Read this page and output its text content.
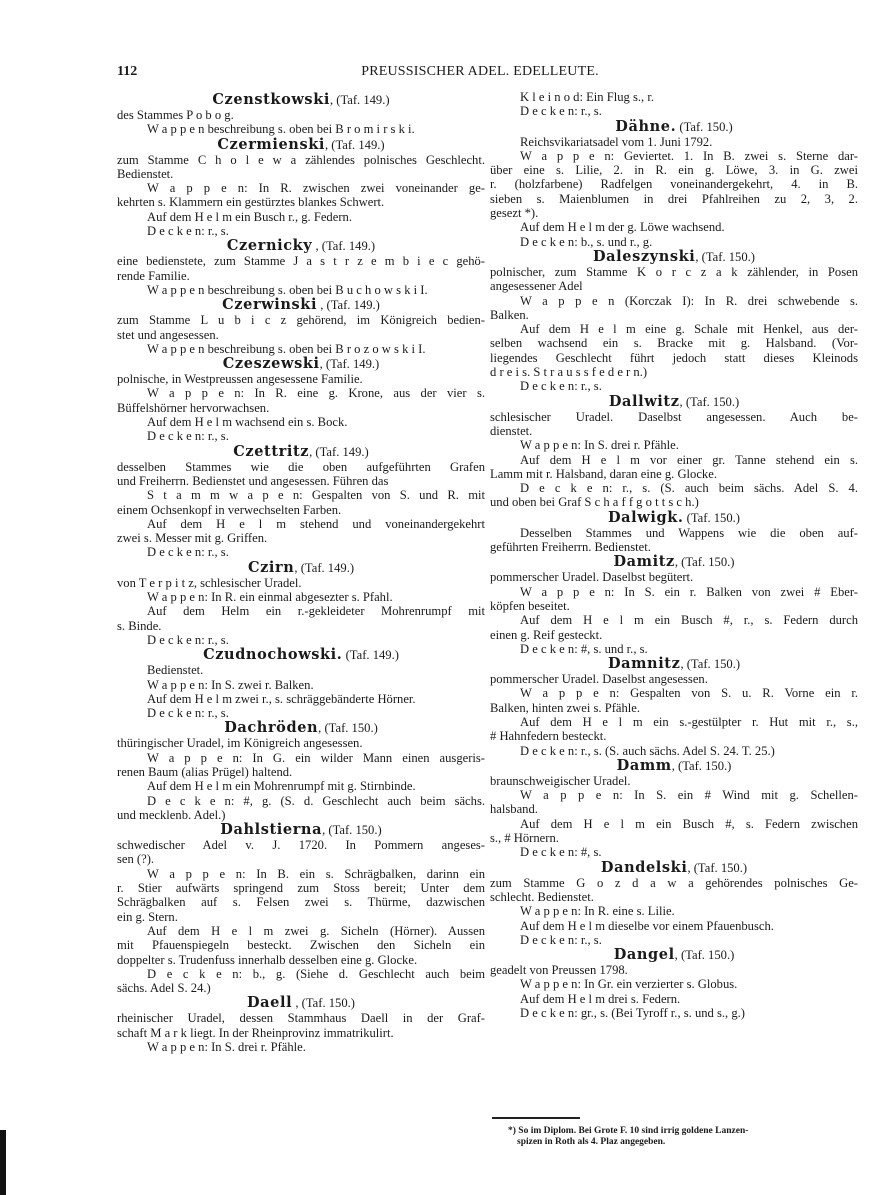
112	PREUSSISCHER ADEL. EDELLEUTE.
Czenstkowski, (Taf. 149.)
des Stammes P o b o g.
W a p p e n beschreibung s. oben bei B r o m i r s k i.
Czermienski, (Taf. 149.)
zum Stamme C h o l e w a zählendes polnisches Geschlecht.
Bedienstet.
W a p p e n: In R. zwischen zwei voneinander ge-
kehrten s. Klammern ein gestürztes blankes Schwert.
Auf dem H e l m ein Busch r., g. Federn.
D e c k e n: r., s.
Czernicky , (Taf. 149.)
eine bedienstete, zum Stamme J a s t r z e m b i e c gehö-
rende Familie.
W a p p e n beschreibung s. oben bei B u c h o w s k i I.
Czerwinski , (Taf. 149.)
zum Stamme L u b i c z gehörend, im Königreich bedien-
stet und angesessen.
W a p p e n beschreibung s. oben bei B r o z o w s k i I.
Czeszewski, (Taf. 149.)
polnische, in Westpreussen angesessene Familie.
W a p p e n: In R. eine g. Krone, aus der vier s.
Büffelshörner hervorwachsen.
Auf dem H e l m wachsend ein s. Bock.
D e c k e n: r., s.
Czettritz, (Taf. 149.)
desselben Stammes wie die oben aufgeführten Grafen
und Freiherrn. Bedienstet und angesessen. Führen das
S t a m m w a p e n: Gespalten von S. und R. mit
einem Ochsenkopf in verwechselten Farben.
Auf dem H e l m stehend und voneinandergekehrt
zwei s. Messer mit g. Griffen.
D e c k e n: r., s.
Czirn, (Taf. 149.)
von T e r p i t z, schlesischer Uradel.
W a p p e n: In R. ein einmal abgesezter s. Pfahl.
Auf dem Helm ein r.-gekleideter Mohrenrumpf mit
s. Binde.
D e c k e n: r., s.
Czudnochowski. (Taf. 149.)
Bedienstet.
W a p p e n: In S. zwei r. Balken.
Auf dem H e l m zwei r., s. schräggebänderte Hörner.
D e c k e n: r., s.
Dachröden, (Taf. 150.)
thüringischer Uradel, im Königreich angesessen.
W a p p e n: In G. ein wilder Mann einen ausgeris-
renen Baum (alias Prügel) haltend.
Auf dem H e l m ein Mohrenrumpf mit g. Stirnbinde.
D e c k e n: #, g. (S. d. Geschlecht auch beim sächs.
und mecklenb. Adel.)
Dahlstierna, (Taf. 150.)
schwedischer Adel v. J. 1720. In Pommern angeses-
sen (?).
W a p p e n: In B. ein s. Schrägbalken, darinn ein
r. Stier aufwärts springend zum Stoss bereit; Unter dem
Schrägbalken auf s. Felsen zwei s. Thürme, dazwischen
ein g. Stern.
Auf dem H e l m zwei g. Sicheln (Hörner). Aussen
mit Pfauenspiegeln besteckt. Zwischen den Sicheln ein
doppelter s. Trudenfuss innerhalb desselben eine g. Glocke.
D e c k e n: b., g. (Siehe d. Geschlecht auch beim
sächs. Adel S. 24.)
Daell , (Taf. 150.)
rheinischer Uradel, dessen Stammhaus Daell in der Graf-
schaft M a r k liegt. In der Rheinprovinz immatrikulirt.
W a p p e n: In S. drei r. Pfähle.
K l e i n o d: Ein Flug s., r.
D e c k e n: r., s.
Dähne. (Taf. 150.)
Reichsvikariatsadel vom 1. Juni 1792.
W a p p e n: Geviertet. 1. In B. zwei s. Sterne dar-
über eine s. Lilie, 2. in R. ein g. Löwe, 3. in G. zwei
r. (holzfarbene) Radfelgen voneinandergekehrt, 4. in B.
sieben s. Maienblumen in drei Pfahlreihen zu 2, 3, 2.
gesezt *).
Auf dem H e l m der g. Löwe wachsend.
D e c k e n: b., s. und r., g.
Daleszynski, (Taf. 150.)
polnischer, zum Stamme K o r c z a k zählender, in Posen
angesessener Adel
W a p p e n (Korczak I): In R. drei schwebende s.
Balken.
Auf dem H e l m eine g. Schale mit Henkel, aus der-
selben wachsend ein s. Bracke mit g. Halsband. (Vor-
liegendes Geschlecht führt jedoch statt dieses Kleinods
d r e i s. S t r a u s s f e d e r n.)
D e c k e n: r., s.
Dallwitz, (Taf. 150.)
schlesischer Uradel. Daselbst angesessen. Auch be-
dienstet.
W a p p e n: In S. drei r. Pfähle.
Auf dem H e l m vor einer gr. Tanne stehend ein s.
Lamm mit r. Halsband, daran eine g. Glocke.
D e c k e n: r., s. (S. auch beim sächs. Adel S. 4.
und oben bei Graf S c h a f f g o t t s c h.)
Dalwigk. (Taf. 150.)
Desselben Stammes und Wappens wie die oben auf-
geführten Freiherrn. Bedienstet.
Damitz, (Taf. 150.)
pommerscher Uradel. Daselbst begütert.
W a p p e n: In S. ein r. Balken von zwei # Eber-
köpfen beseitet.
Auf dem H e l m ein Busch #, r., s. Federn durch
einen g. Reif gesteckt.
D e c k e n: #, s. und r., s.
Damnitz, (Taf. 150.)
pommerscher Uradel. Daselbst angesessen.
W a p p e n: Gespalten von S. u. R. Vorne ein r.
Balken, hinten zwei s. Pfähle.
Auf dem H e l m ein s.-gestülpter r. Hut mit r., s.,
# Hahnfedern besteckt.
D e c k e n: r., s. (S. auch sächs. Adel S. 24. T. 25.)
Damm, (Taf. 150.)
braunschweigischer Uradel.
W a p p e n: In S. ein # Wind mit g. Schellen-
halsband.
Auf dem H e l m ein Busch #, s. Federn zwischen
s., # Hörnern.
D e c k e n: #, s.
Dandelski, (Taf. 150.)
zum Stamme G o z d a w a gehörendes polnisches Ge-
schlecht. Bedienstet.
W a p p e n: In R. eine s. Lilie.
Auf dem H e l m dieselbe vor einem Pfauenbusch.
D e c k e n: r., s.
Dangel, (Taf. 150.)
geadelt von Preussen 1798.
W a p p e n: In Gr. ein verzierter s. Globus.
Auf dem H e l m drei s. Federn.
D e c k e n: gr., s. (Bei Tyroff r., s. und s., g.)
*) So im Diplom. Bei Grote F. 10 sind irrig goldene Lanzen-
spizen in Roth als 4. Plaz angegeben.
